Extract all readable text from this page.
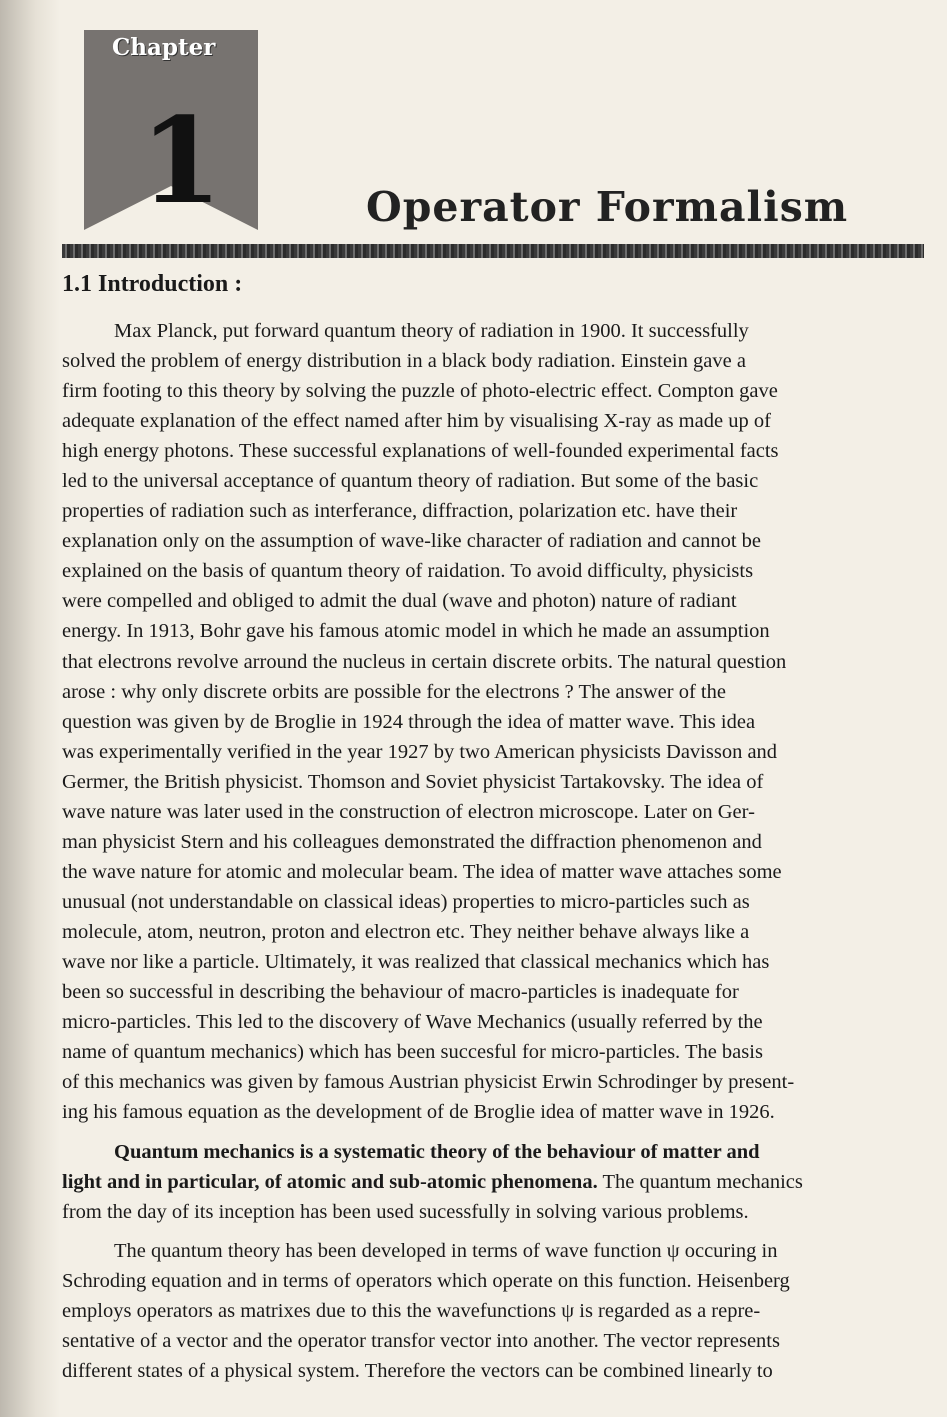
Chapter
1	Operator Formalism
1.1 Introduction :
Max Planck, put forward quantum theory of radiation in 1900. It successfully
solved the problem of energy distribution in a black body radiation. Einstein gave a
firm footing to this theory by solving the puzzle of photo-electric effect. Compton gave
adequate explanation of the effect named after him by visualising X-ray as made up of
high energy photons. These successful explanations of well-founded experimental facts
led to the universal acceptance of quantum theory of radiation. But some of the basic
properties of radiation such as interferance, diffraction, polarization etc. have their
explanation only on the assumption of wave-like character of radiation and cannot be
explained on the basis of quantum theory of raidation. To avoid difficulty, physicists
were compelled and obliged to admit the dual (wave and photon) nature of radiant
energy. In 1913, Bohr gave his famous atomic model in which he made an assumption
that electrons revolve arround the nucleus in certain discrete orbits. The natural question
arose : why only discrete orbits are possible for the electrons ? The answer of the
question was given by de Broglie in 1924 through the idea of matter wave. This idea
was experimentally verified in the year 1927 by two American physicists Davisson and
Germer, the British physicist. Thomson and Soviet physicist Tartakovsky. The idea of
wave nature was later used in the construction of electron microscope. Later on Ger-
man physicist Stern and his colleagues demonstrated the diffraction phenomenon and
the wave nature for atomic and molecular beam. The idea of matter wave attaches some
unusual (not understandable on classical ideas) properties to micro-particles such as
molecule, atom, neutron, proton and electron etc. They neither behave always like a
wave nor like a particle. Ultimately, it was realized that classical mechanics which has
been so successful in describing the behaviour of macro-particles is inadequate for
micro-particles. This led to the discovery of Wave Mechanics (usually referred by the
name of quantum mechanics) which has been succesful for micro-particles. The basis
of this mechanics was given by famous Austrian physicist Erwin Schrodinger by present-
ing his famous equation as the development of de Broglie idea of matter wave in 1926.
Quantum mechanics is a systematic theory of the behaviour of matter and
light and in particular, of atomic and sub-atomic phenomena. The quantum mechanics
from the day of its inception has been used sucessfully in solving various problems.
The quantum theory has been developed in terms of wave function ψ occuring in
Schroding equation and in terms of operators which operate on this function. Heisenberg
employs operators as matrixes due to this the wavefunctions ψ is regarded as a repre-
sentative of a vector and the operator transfor vector into another. The vector represents
different states of a physical system. Therefore the vectors can be combined linearly to
